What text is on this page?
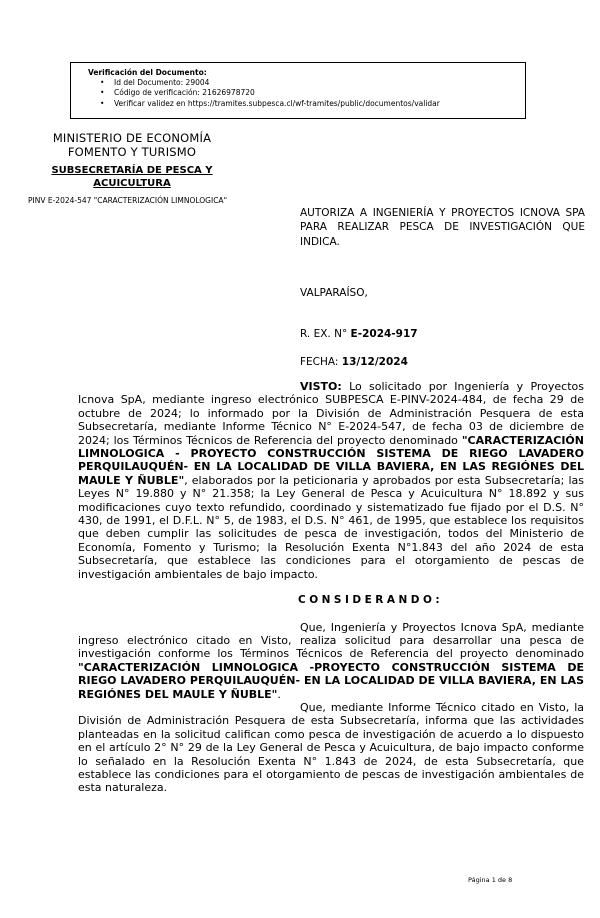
Verificación del Documento:
•	Id del Documento: 29004
•	Código de verificación: 21626978720
•	Verificar validez en https://tramites.subpesca.cl/wf-tramites/public/documentos/validar
MINISTERIO DE ECONOMÍA
FOMENTO Y TURISMO
SUBSECRETARÍA DE PESCA Y
ACUICULTURA
PINV E-2024-547 "CARACTERIZACIÓN LIMNOLOGICA"
AUTORIZA A INGENIERÍA Y PROYECTOS ICNOVA SPA PARA REALIZAR PESCA DE INVESTIGACIÓN QUE INDICA.
VALPARAÍSO,
R. EX. N° E-2024-917
FECHA: 13/12/2024

VISTO: Lo solicitado por Ingeniería y Proyectos Icnova SpA, mediante ingreso electrónico SUBPESCA E-PINV-2024-484, de fecha 29 de octubre de 2024; lo informado por la División de Administración Pesquera de esta Subsecretaría, mediante Informe Técnico N° E-2024-547, de fecha 03 de diciembre de 2024; los Términos Técnicos de Referencia del proyecto denominado "CARACTERIZACIÓN LIMNOLOGICA - PROYECTO CONSTRUCCIÓN SISTEMA DE RIEGO LAVADERO PERQUILAUQUÉN- EN LA LOCALIDAD DE VILLA BAVIERA, EN LAS REGIÓNES DEL MAULE Y ÑUBLE", elaborados por la peticionaria y aprobados por esta Subsecretaría; las Leyes N° 19.880 y N° 21.358; la Ley General de Pesca y Acuicultura N° 18.892 y sus modificaciones cuyo texto refundido, coordinado y sistematizado fue fijado por el D.S. N° 430, de 1991, el D.F.L. N° 5, de 1983, el D.S. N° 461, de 1995, que establece los requisitos que deben cumplir las solicitudes de pesca de investigación, todos del Ministerio de Economía, Fomento y Turismo; la Resolución Exenta N°1.843 del año 2024 de esta Subsecretaría, que establece las condiciones para el otorgamiento de pescas de investigación ambientales de bajo impacto.

CONSIDERANDO:

Que, Ingeniería y Proyectos Icnova SpA, mediante ingreso electrónico citado en Visto, realiza solicitud para desarrollar una pesca de investigación conforme los Términos Técnicos de Referencia del proyecto denominado "CARACTERIZACIÓN LIMNOLOGICA -PROYECTO CONSTRUCCIÓN SISTEMA DE RIEGO LAVADERO PERQUILAUQUÉN- EN LA LOCALIDAD DE VILLA BAVIERA, EN LAS REGIÓNES DEL MAULE Y ÑUBLE".

Que, mediante Informe Técnico citado en Visto, la División de Administración Pesquera de esta Subsecretaría, informa que las actividades planteadas en la solicitud califican como pesca de investigación de acuerdo a lo dispuesto en el artículo 2° N° 29 de la Ley General de Pesca y Acuicultura, de bajo impacto conforme lo señalado en la Resolución Exenta N° 1.843 de 2024, de esta Subsecretaría, que establece las condiciones para el otorgamiento de pescas de investigación ambientales de esta naturaleza.

Página 1 de 8
